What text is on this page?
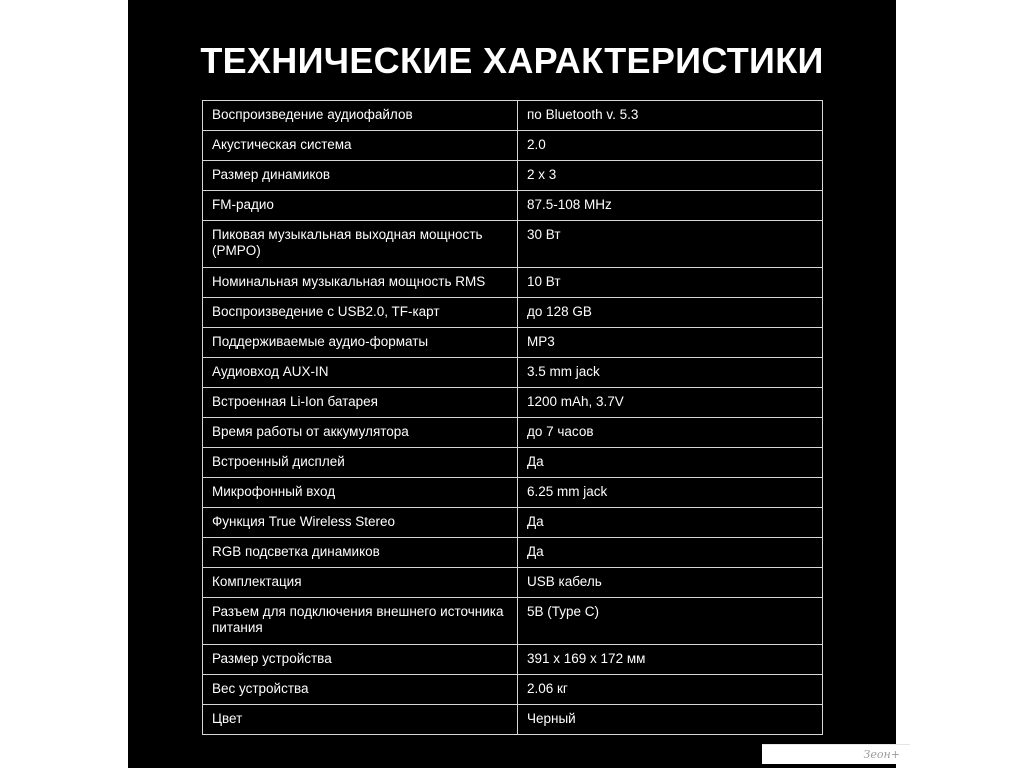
ТЕХНИЧЕСКИЕ ХАРАКТЕРИСТИКИ
Воспроизведение аудиофайлов	по Bluetooth v. 5.3
Акустическая система	2.0
Размер динамиков	2 x 3
FM-радио	87.5-108 MHz
Пиковая музыкальная выходная мощность (PMPO)	30 Вт
Номинальная музыкальная мощность RMS	10 Вт
Воспроизведение с USB2.0, TF-карт	до 128 GB
Поддерживаемые аудио-форматы	MP3
Аудиовход AUX-IN	3.5 mm jack
Встроенная Li-Ion батарея	1200 mAh, 3.7V
Время работы от аккумулятора	до 7 часов
Встроенный дисплей	Да
Микрофонный вход	6.25 mm jack
Функция True Wireless Stereo	Да
RGB подсветка динамиков	Да
Комплектация	USB кабель
Разъем для подключения внешнего источника питания	5В (Type C)
Размер устройства	391 x 169 x 172 мм
Вес устройства	2.06 кг
Цвет	Черный
Зеон+
